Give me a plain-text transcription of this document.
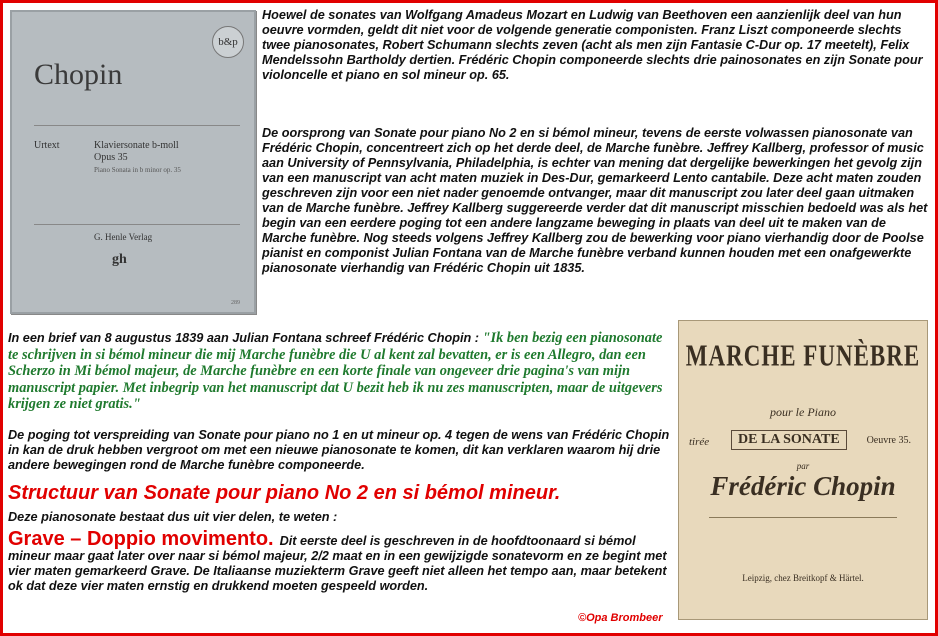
b&p
Chopin
Urtext	Klaviersonate b-moll
Opus 35
Piano Sonata in b minor op. 35
G. Henle Verlag
gh
289

Hoewel de sonates van Wolfgang Amadeus Mozart en Ludwig van Beethoven een aanzienlijk deel van hun oeuvre vormden, geldt dit niet voor de volgende generatie componisten. Franz Liszt componeerde slechts twee pianosonates, Robert Schumann slechts zeven (acht als men zijn Fantasie C-Dur op. 17 meetelt), Felix Mendelssohn Bartholdy dertien. Frédéric Chopin componeerde slechts drie painosonates en zijn Sonate pour violoncelle et piano en sol mineur op. 65.

De oorsprong van Sonate pour piano No 2 en si bémol mineur, tevens de eerste volwassen pianosonate van Frédéric Chopin, concentreert zich op het derde deel, de Marche funèbre. Jeffrey Kallberg, professor of music aan University of Pennsylvania, Philadelphia, is echter van mening dat dergelijke bewerkingen het gevolg zijn van een manuscript van acht maten muziek in Des-Dur, gemarkeerd Lento cantabile. Deze acht maten zouden geschreven zijn voor een niet nader genoemde ontvanger, maar dit manuscript zou later deel gaan uitmaken van de Marche funèbre. Jeffrey Kallberg suggereerde verder dat dit manuscript misschien bedoeld was als het begin van een eerdere poging tot een andere langzame beweging in plaats van deel uit te maken van de Marche funèbre. Nog steeds volgens Jeffrey Kallberg zou de bewerking voor piano vierhandig door de Poolse pianist en componist Julian Fontana van de Marche funèbre verband kunnen houden met een onafgewerkte pianosonate vierhandig van Frédéric Chopin uit 1835.

In een brief van 8 augustus 1839 aan Julian Fontana schreef Frédéric Chopin : "Ik ben bezig een pianosonate te schrijven in si bémol mineur die mij Marche funèbre die U al kent zal bevatten, er is een Allegro, dan een Scherzo in Mi bémol majeur, de Marche funèbre en een korte finale van ongeveer drie pagina's van mijn manuscript papier. Met inbegrip van het manuscript dat U bezit heb ik nu zes manuscripten, maar de uitgevers krijgen ze niet gratis."

De poging tot verspreiding van Sonate pour piano no 1 en ut mineur op. 4 tegen de wens van Frédéric Chopin in kan de druk hebben vergroot om met een nieuwe pianosonate te komen, dit kan verklaren waarom hij drie andere bewegingen rond de Marche funèbre componeerde.

Structuur van Sonate pour piano No 2 en si bémol mineur.

Deze pianosonate bestaat dus uit vier delen, te weten :

Grave – Doppio movimento. Dit eerste deel is geschreven in de hoofdtoonaard si bémol mineur maar gaat later over naar si bémol majeur, 2/2 maat en in een gewijzigde sonatevorm en ze begint met vier maten gemarkeerd Grave. De Italiaanse muziekterm Grave geeft niet alleen het tempo aan, maar betekent ok dat deze vier maten ernstig en drukkend moeten gespeeld worden.

MARCHE FUNÈBRE
pour le Piano
tirée	DE LA SONATE	Oeuvre 35.
par
Frédéric Chopin
Leipzig, chez Breitkopf & Härtel.
©Opa Brombeer
